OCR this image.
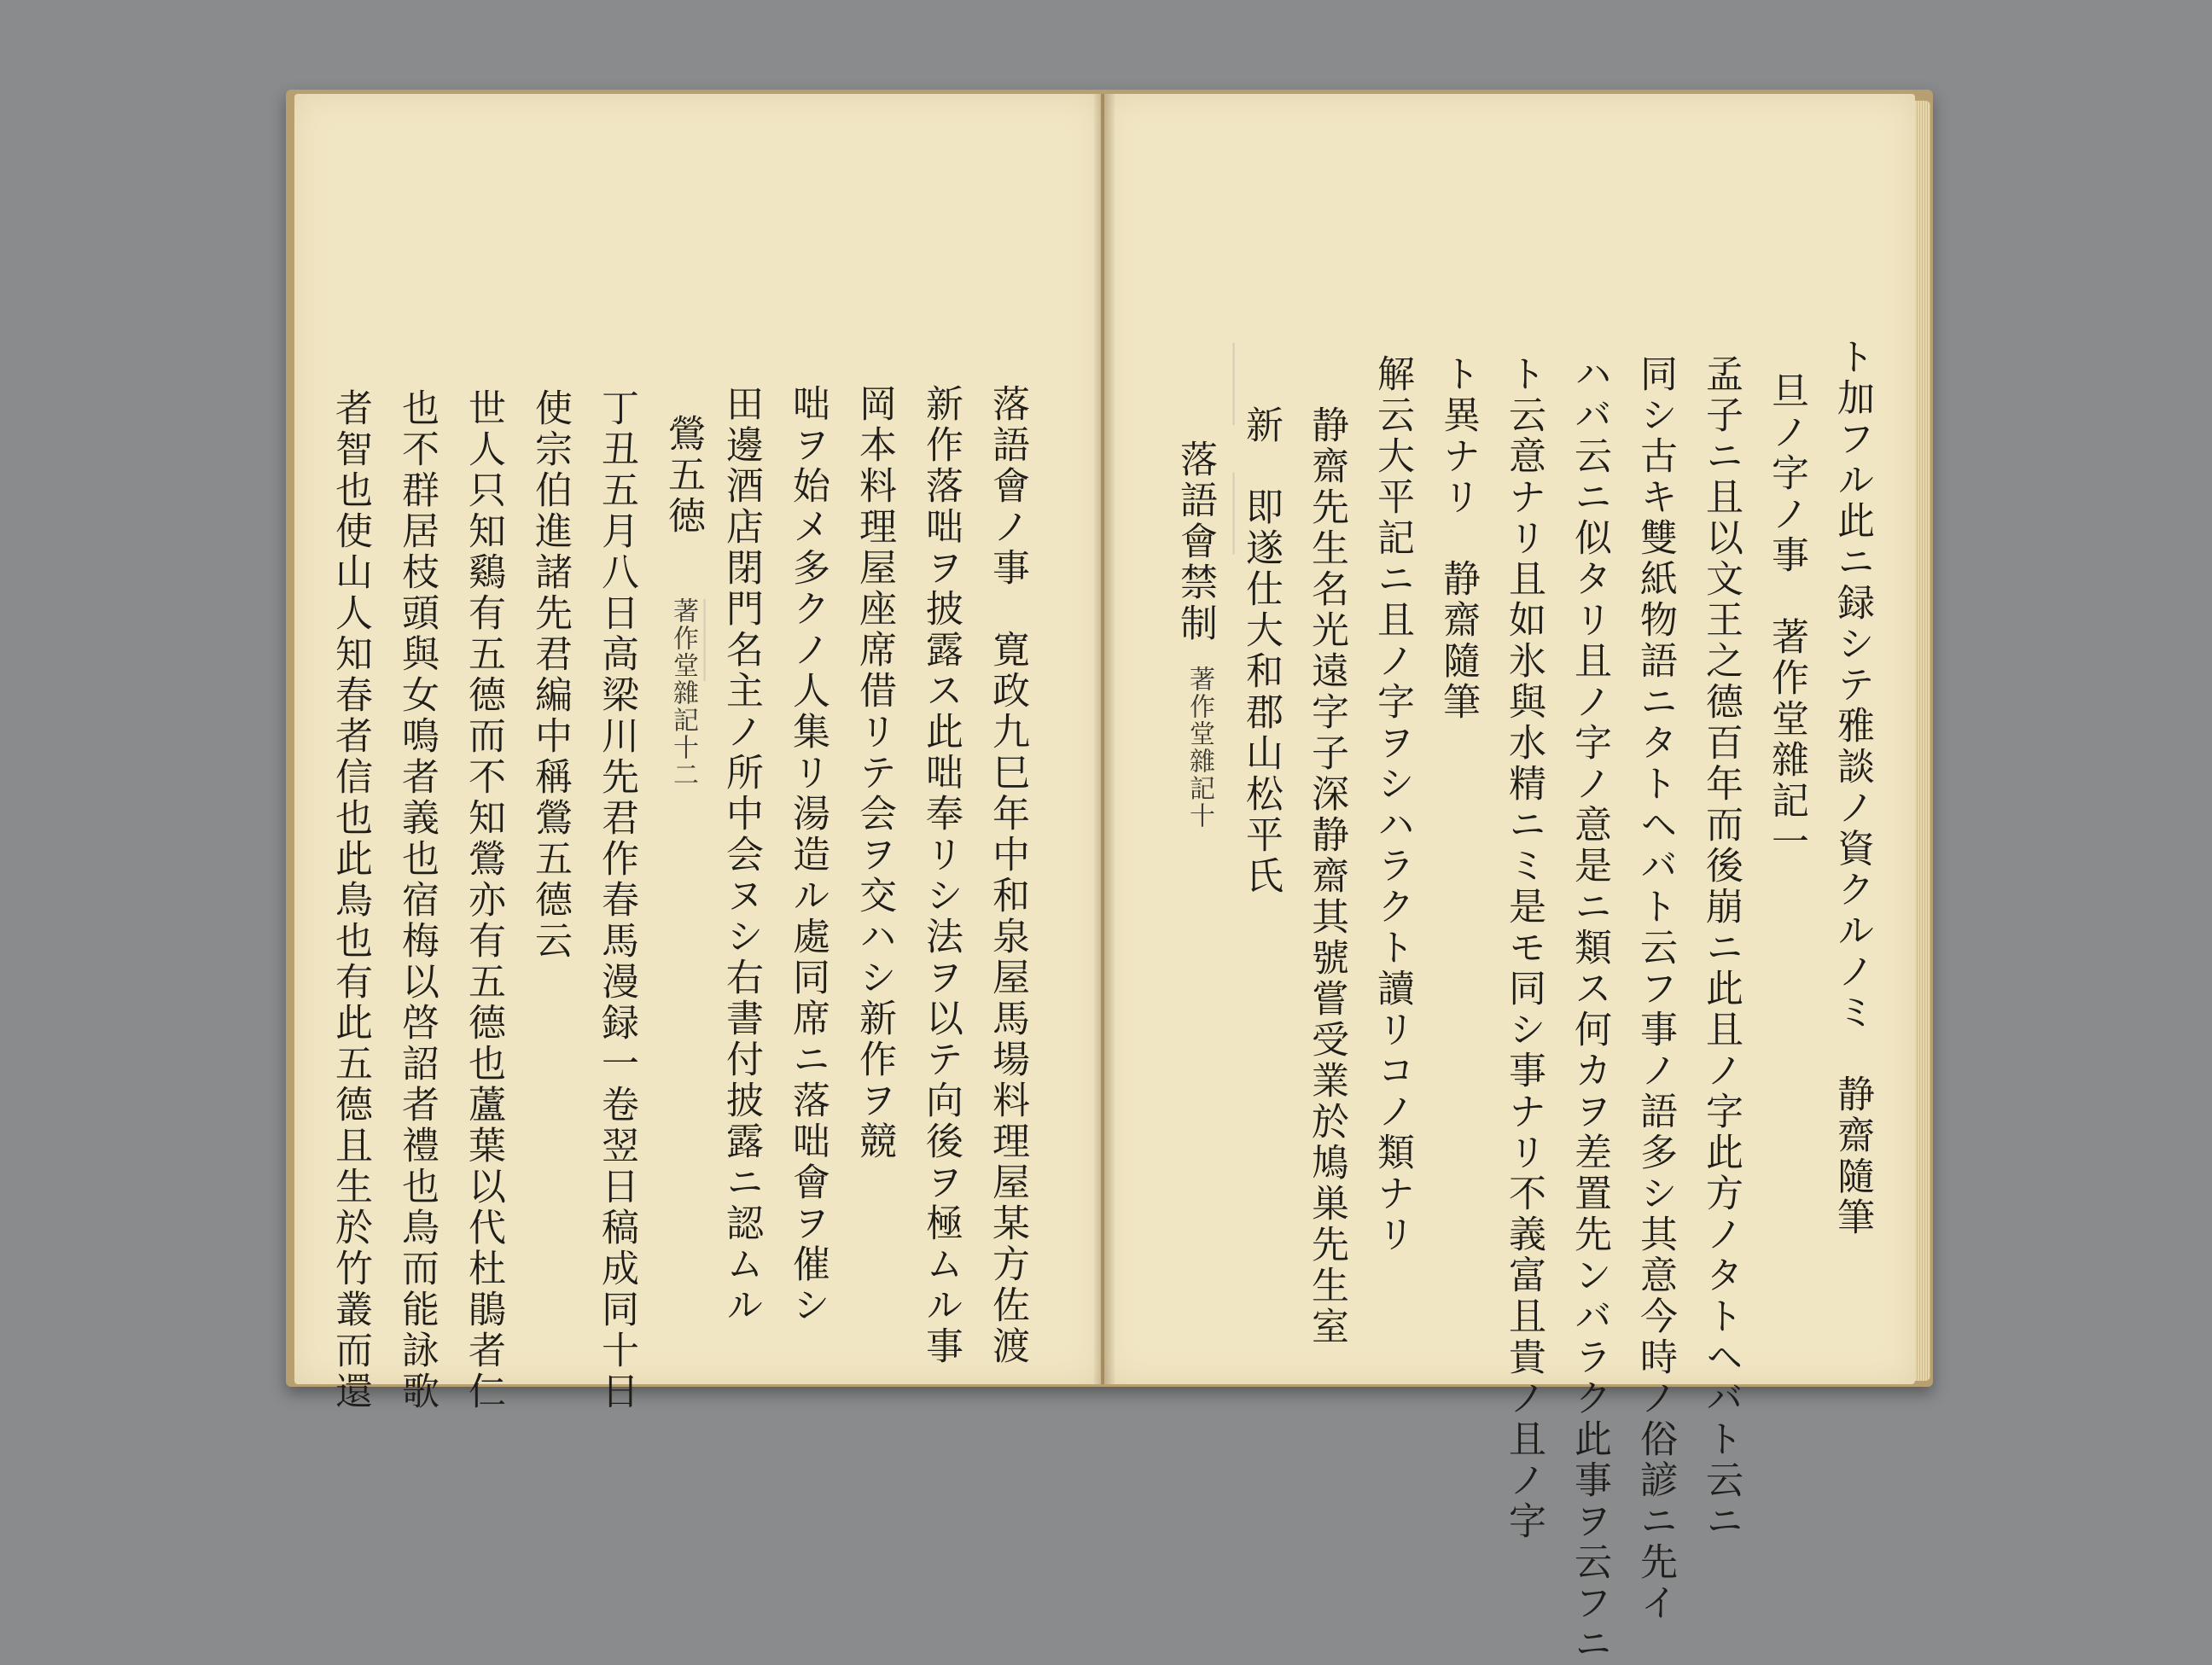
⸻　⸻
⸻	落語會ノ事　寛政九巳年中和泉屋馬場料理屋某方佐渡
新作落咄ヲ披露ス此咄奉リシ法ヲ以テ向後ヲ極ムル事
岡本料理屋座席借リテ会ヲ交ハシ新作ヲ競
咄ヲ始メ多クノ人集リ湯造ル處同席ニ落咄會ヲ催シ
田邊酒店閉門名主ノ所中会ヌシ右書付披露ニ認ムル
鶯五徳
著作堂雜記十二
丁丑五月八日高梁川先君作春馬漫録一卷翌日稿成同十日
使宗伯進諸先君編中稱鶯五德云
世人只知鷄有五德而不知鶯亦有五德也蘆葉以代杜鵑者仁
也不群居枝頭與女鳴者義也宿梅以啓詔者禮也鳥而能詠歌
者智也使山人知春者信也此鳥也有此五德且生於竹叢而還	ト加フル此ニ録シテ雅談ノ資クルノミ　静齋隨筆
旦ノ字ノ事　著作堂雜記一
孟子ニ且以文王之德百年而後崩ニ此且ノ字此方ノタトヘバト云ニ
同シ古キ雙紙物語ニタトヘバト云フ事ノ語多シ其意今時ノ俗諺ニ先イ
ハバ云ニ似タリ且ノ字ノ意是ニ類ス何カヲ差置先ンバラク此事ヲ云フニ
ト云意ナリ且如氷與水精ニミ是モ同シ事ナリ不義富且貴ノ且ノ字
ト異ナリ　静齋隨筆
解云大平記ニ且ノ字ヲシハラクト讀リコノ類ナリ
静齋先生名光遠字子深静齋其號嘗受業於鳩巣先生室
新　即遂仕大和郡山松平氏
落語會禁制
著作堂雜記十
